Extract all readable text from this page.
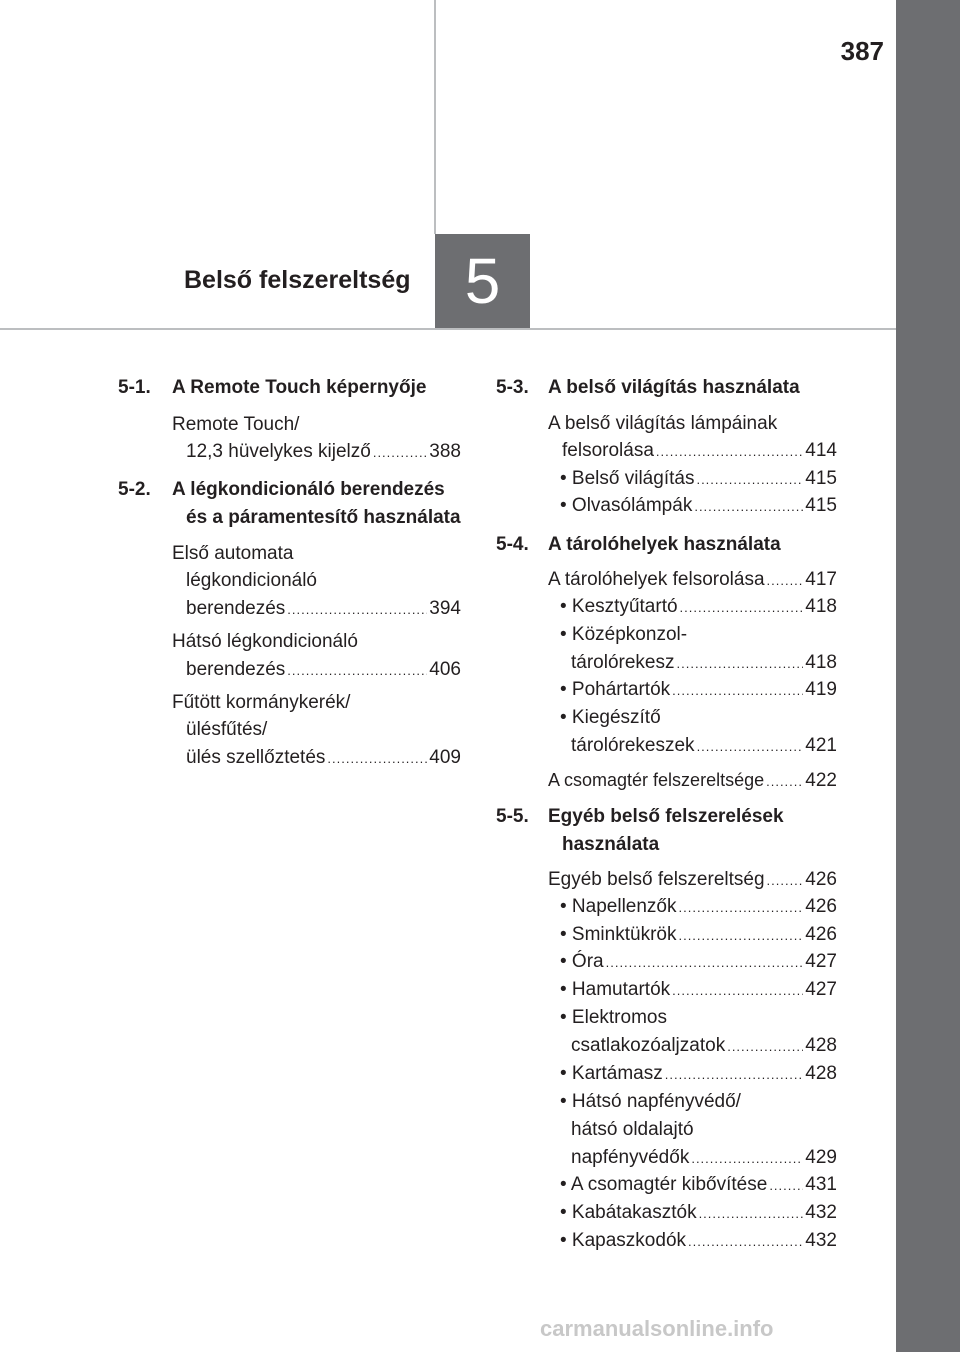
387
Belső felszereltség 5
5-1. A Remote Touch képernyője
Remote Touch/
12,3 hüvelykes kijelző .....	388
5-2. A légkondicionáló berendezés
és a páramentesítő használata
Első automata
légkondicionáló
berendezés .....	394
Hátsó légkondicionáló
berendezés .....	406
Fűtött kormánykerék/
ülésfűtés/
ülés szellőztetés .....	409
5-3. A belső világítás használata
A belső világítás lámpáinak
felsorolása .....	414
• Belső világítás .....	415
• Olvasólámpák .....	415
5-4. A tárolóhelyek használata
A tárolóhelyek felsorolása ..... 417
• Kesztyűtartó .....	418
• Középkonzol-
tárolórekesz .....	418
• Pohártartók .....	419
• Kiegészítő
tárolórekeszek .....	421
A csomagtér felszereltsége ..... 422
5-5. Egyéb belső felszerelések
használata
Egyéb belső felszereltség ..... 426
• Napellenzők .....	426
• Sminktükrök .....	426
• Óra .....	427
• Hamutartók .....	427
• Elektromos
csatlakozóaljzatok .....	428
• Kartámasz .....	428
• Hátsó napfényvédő/
hátsó oldalajtó
napfényvédők .....	429
• A csomagtér kibővítése ..... 431
• Kabátakasztók .....	432
• Kapaszkodók .....	432
carmanualsonline.info
